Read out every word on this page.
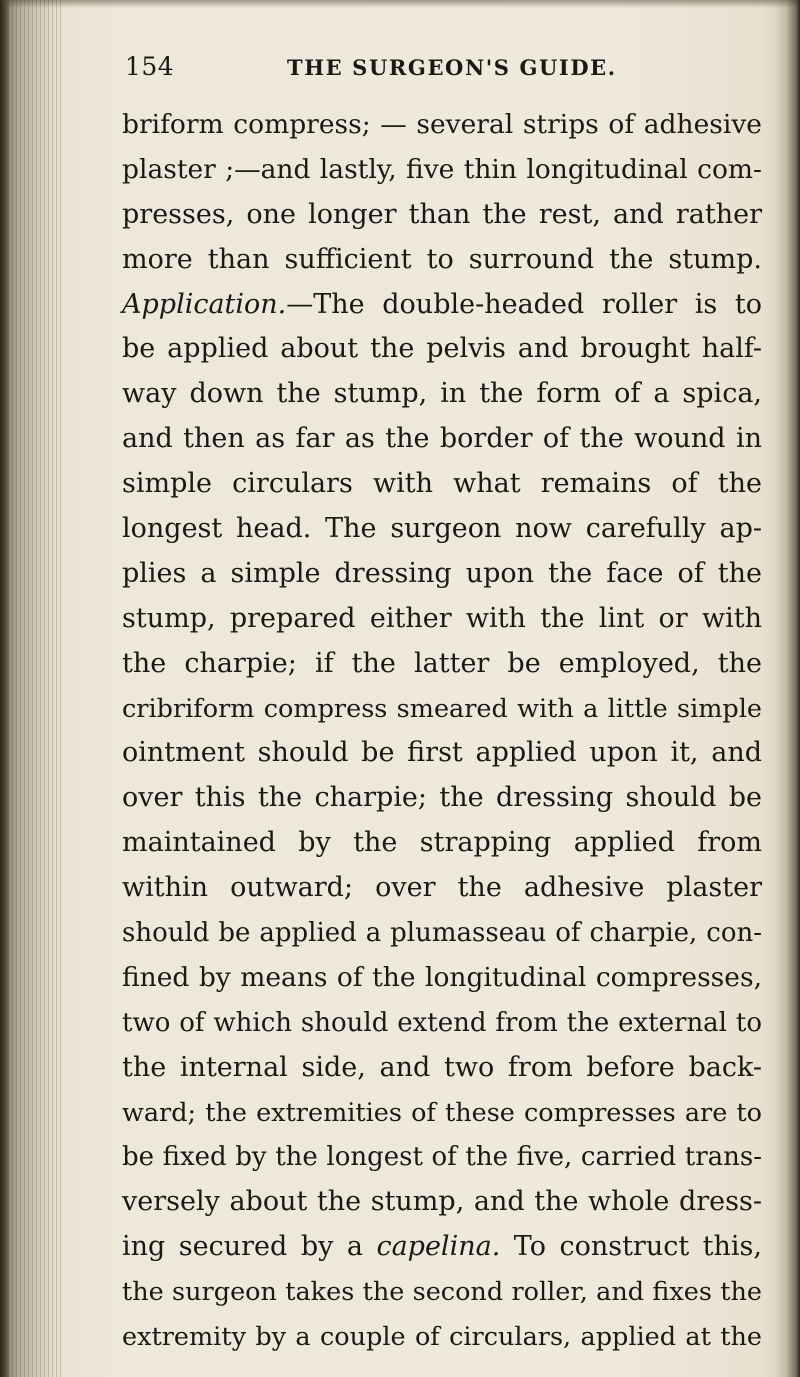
154	THE SURGEON'S GUIDE.
briform compress; — several strips of adhesive
plaster ;—and lastly, five thin longitudinal com-
presses, one longer than the rest, and rather
more than sufficient to surround the stump.
Application.—The double-headed roller is to
be applied about the pelvis and brought half-
way down the stump, in the form of a spica,
and then as far as the border of the wound in
simple circulars with what remains of the
longest head. The surgeon now carefully ap-
plies a simple dressing upon the face of the
stump, prepared either with the lint or with
the charpie; if the latter be employed, the
cribriform compress smeared with a little simple
ointment should be first applied upon it, and
over this the charpie; the dressing should be
maintained by the strapping applied from
within outward; over the adhesive plaster
should be applied a plumasseau of charpie, con-
fined by means of the longitudinal compresses,
two of which should extend from the external to
the internal side, and two from before back-
ward; the extremities of these compresses are to
be fixed by the longest of the five, carried trans-
versely about the stump, and the whole dress-
ing secured by a capelina. To construct this,
the surgeon takes the second roller, and fixes the
extremity by a couple of circulars, applied at the
